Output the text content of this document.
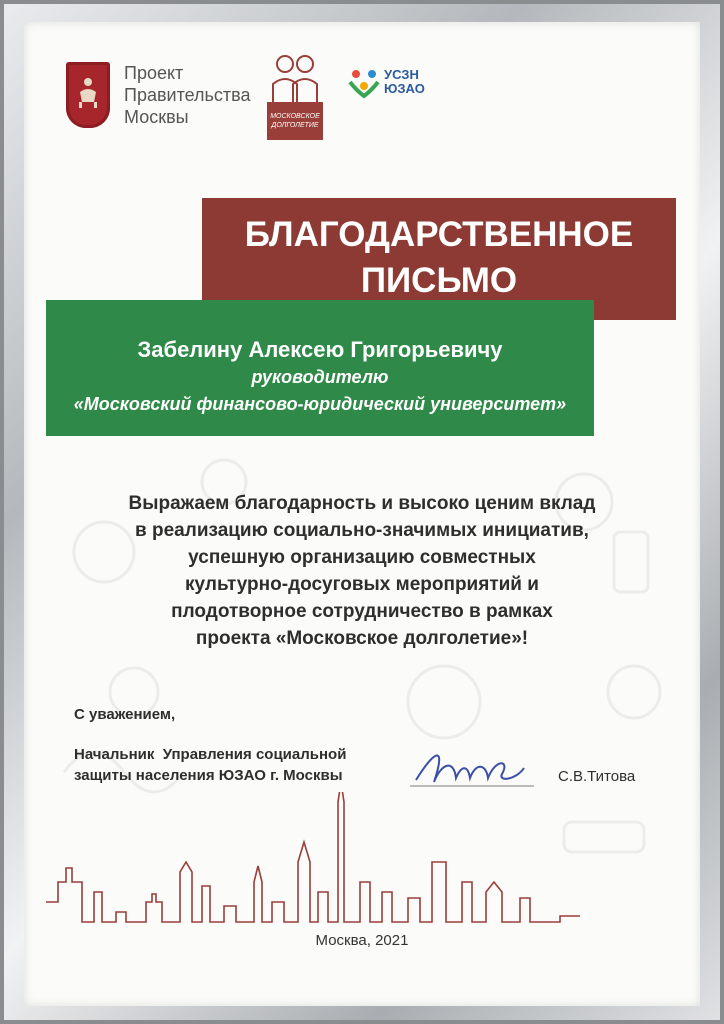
Проект
Правительства
Москвы	МОСКОВСКОЕ ДОЛГОЛЕТИЕ
УСЗН
ЮЗАО
БЛАГОДАРСТВЕННОЕ
ПИСЬМО
Забелину Алексею Григорьевичу
руководителю
«Московский финансово-юридический университет»
Выражаем благодарность и высоко ценим вклад
в реализацию социально-значимых инициатив,
успешную организацию совместных
культурно-досуговых мероприятий и
плодотворное сотрудничество в рамках
проекта «Московское долголетие»!
С уважением,
Начальник  Управления социальной
защиты населения ЮЗАО г. Москвы	С.В.Титова
Москва, 2021
